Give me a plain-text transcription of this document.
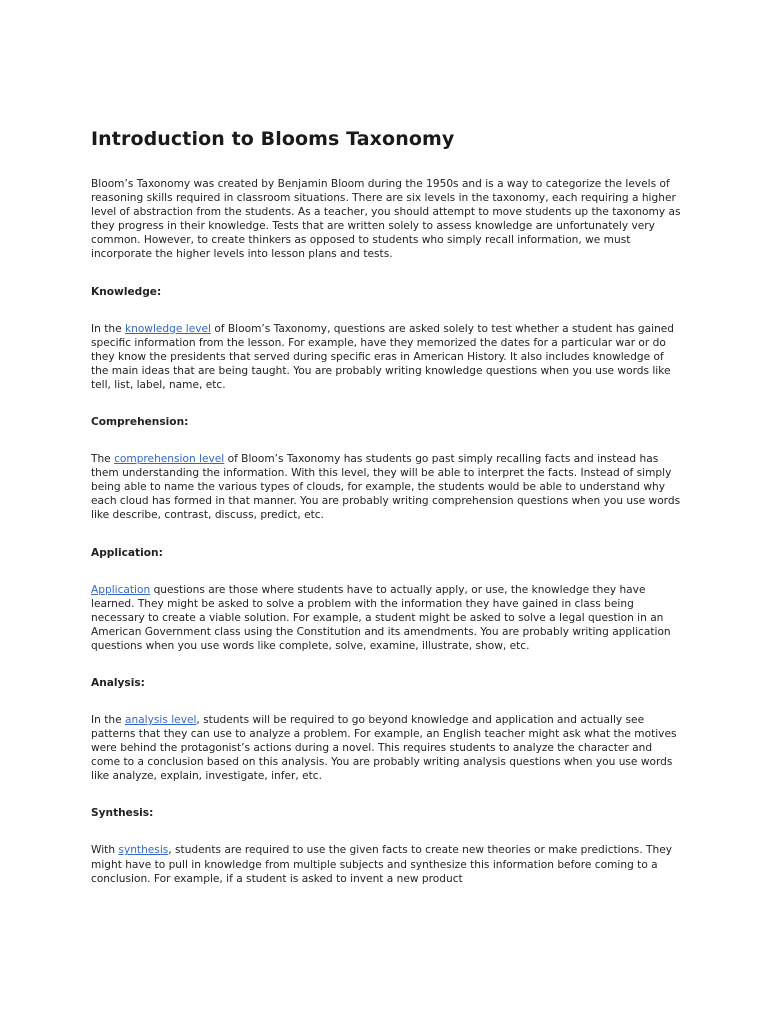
Introduction to Blooms Taxonomy

Bloom’s Taxonomy was created by Benjamin Bloom during the 1950s and is a way to categorize the levels of reasoning skills required in classroom situations. There are six levels in the taxonomy, each requiring a higher level of abstraction from the students. As a teacher, you should attempt to move students up the taxonomy as they progress in their knowledge. Tests that are written solely to assess knowledge are unfortunately very common. However, to create thinkers as opposed to students who simply recall information, we must incorporate the higher levels into lesson plans and tests.

Knowledge:

In the knowledge level of Bloom’s Taxonomy, questions are asked solely to test whether a student has gained specific information from the lesson. For example, have they memorized the dates for a particular war or do they know the presidents that served during specific eras in American History. It also includes knowledge of the main ideas that are being taught. You are probably writing knowledge questions when you use words like tell, list, label, name, etc.

Comprehension:

The comprehension level of Bloom’s Taxonomy has students go past simply recalling facts and instead has them understanding the information. With this level, they will be able to interpret the facts. Instead of simply being able to name the various types of clouds, for example, the students would be able to understand why each cloud has formed in that manner. You are probably writing comprehension questions when you use words like describe, contrast, discuss, predict, etc.

Application:

Application questions are those where students have to actually apply, or use, the knowledge they have learned. They might be asked to solve a problem with the information they have gained in class being necessary to create a viable solution. For example, a student might be asked to solve a legal question in an American Government class using the Constitution and its amendments. You are probably writing application questions when you use words like complete, solve, examine, illustrate, show, etc.

Analysis:

In the analysis level, students will be required to go beyond knowledge and application and actually see patterns that they can use to analyze a problem. For example, an English teacher might ask what the motives were behind the protagonist’s actions during a novel. This requires students to analyze the character and come to a conclusion based on this analysis. You are probably writing analysis questions when you use words like analyze, explain, investigate, infer, etc.

Synthesis:

With synthesis, students are required to use the given facts to create new theories or make predictions. They might have to pull in knowledge from multiple subjects and synthesize this information before coming to a conclusion. For example, if a student is asked to invent a new product
